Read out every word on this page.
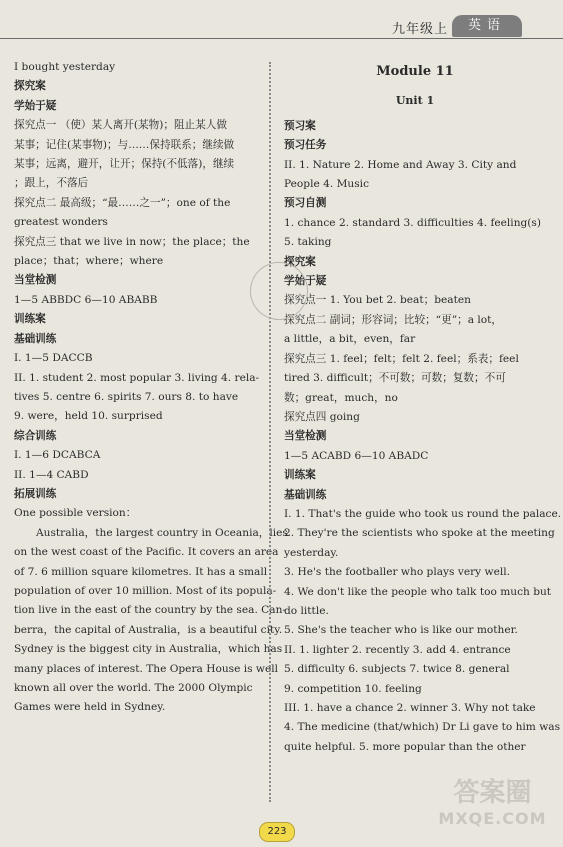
九年级上	英语
I bought yesterday
探究案
学始于疑
探究点一 （使）某人离开(某物)；阻止某人做
某事；记住(某事物)；与……保持联系；继续做
某事；远离，避开，让开；保持(不低落)，继续
；跟上，不落后
探究点二 最高级；“最……之一”；one of the
greatest wonders
探究点三 that we live in now；the place；the
place；that；where；where
当堂检测
1—5 ABBDC 6—10 ABABB
训练案
基础训练
I. 1—5 DACCB
II. 1. student 2. most popular 3. living 4. rela-
tives 5. centre 6. spirits 7. ours 8. to have
9. were，held 10. surprised
综合训练
I. 1—6 DCABCA
II. 1—4 CABD
拓展训练
One possible version：
Australia，the largest country in Oceania，lies
on the west coast of the Pacific. It covers an area
of 7. 6 million square kilometres. It has a small
population of over 10 million. Most of its popula-
tion live in the east of the country by the sea. Can-
berra，the capital of Australia，is a beautiful city.
Sydney is the biggest city in Australia，which has
many places of interest. The Opera House is well
known all over the world. The 2000 Olympic
Games were held in Sydney.
Module 11
Unit 1
预习案
预习任务
II. 1. Nature 2. Home and Away 3. City and
People 4. Music
预习自测
1. chance 2. standard 3. difficulties 4. feeling(s)
5. taking
探究案
学始于疑
探究点一 1. You bet 2. beat；beaten
探究点二 副词；形容词；比较；“更”；a lot，
a little，a bit，even，far
探究点三 1. feel；felt；felt 2. feel；系表；feel
tired 3. difficult；不可数；可数；复数；不可
数；great，much，no
探究点四 going
当堂检测
1—5 ACABD 6—10 ABADC
训练案
基础训练
I. 1. That's the guide who took us round the palace.
2. They're the scientists who spoke at the meeting
yesterday.
3. He's the footballer who plays very well.
4. We don't like the people who talk too much but
do little.
5. She's the teacher who is like our mother.
II. 1. lighter 2. recently 3. add 4. entrance
5. difficulty 6. subjects 7. twice 8. general
9. competition 10. feeling
III. 1. have a chance 2. winner 3. Why not take
4. The medicine (that/which) Dr Li gave to him was
quite helpful. 5. more popular than the other
223
答案圈
MXQE.COM
